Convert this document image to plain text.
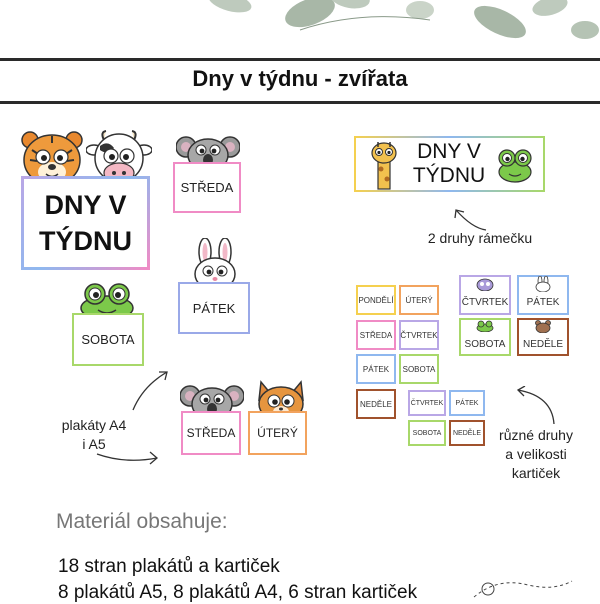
Dny v týdnu - zvířata
DNY V
TÝDNU
STŘEDA
PÁTEK
SOBOTA
STŘEDA	ÚTERÝ
plakáty A4
i A5
DNY V
TÝDNU
2 druhy rámečku
PONDĚLÍ	ÚTERÝ
STŘEDA	ČTVRTEK
PÁTEK	SOBOTA
NEDĚLE	ČTVRTEK	PÁTEK
SOBOTA	NEDĚLE
ČTVRTEK	PÁTEK
SOBOTA	NEDĚLE
různé druhy
a velikosti
kartiček
Materiál obsahuje:
18 stran plakátů a kartiček
8 plakátů A5, 8 plakátů A4, 6 stran kartiček
